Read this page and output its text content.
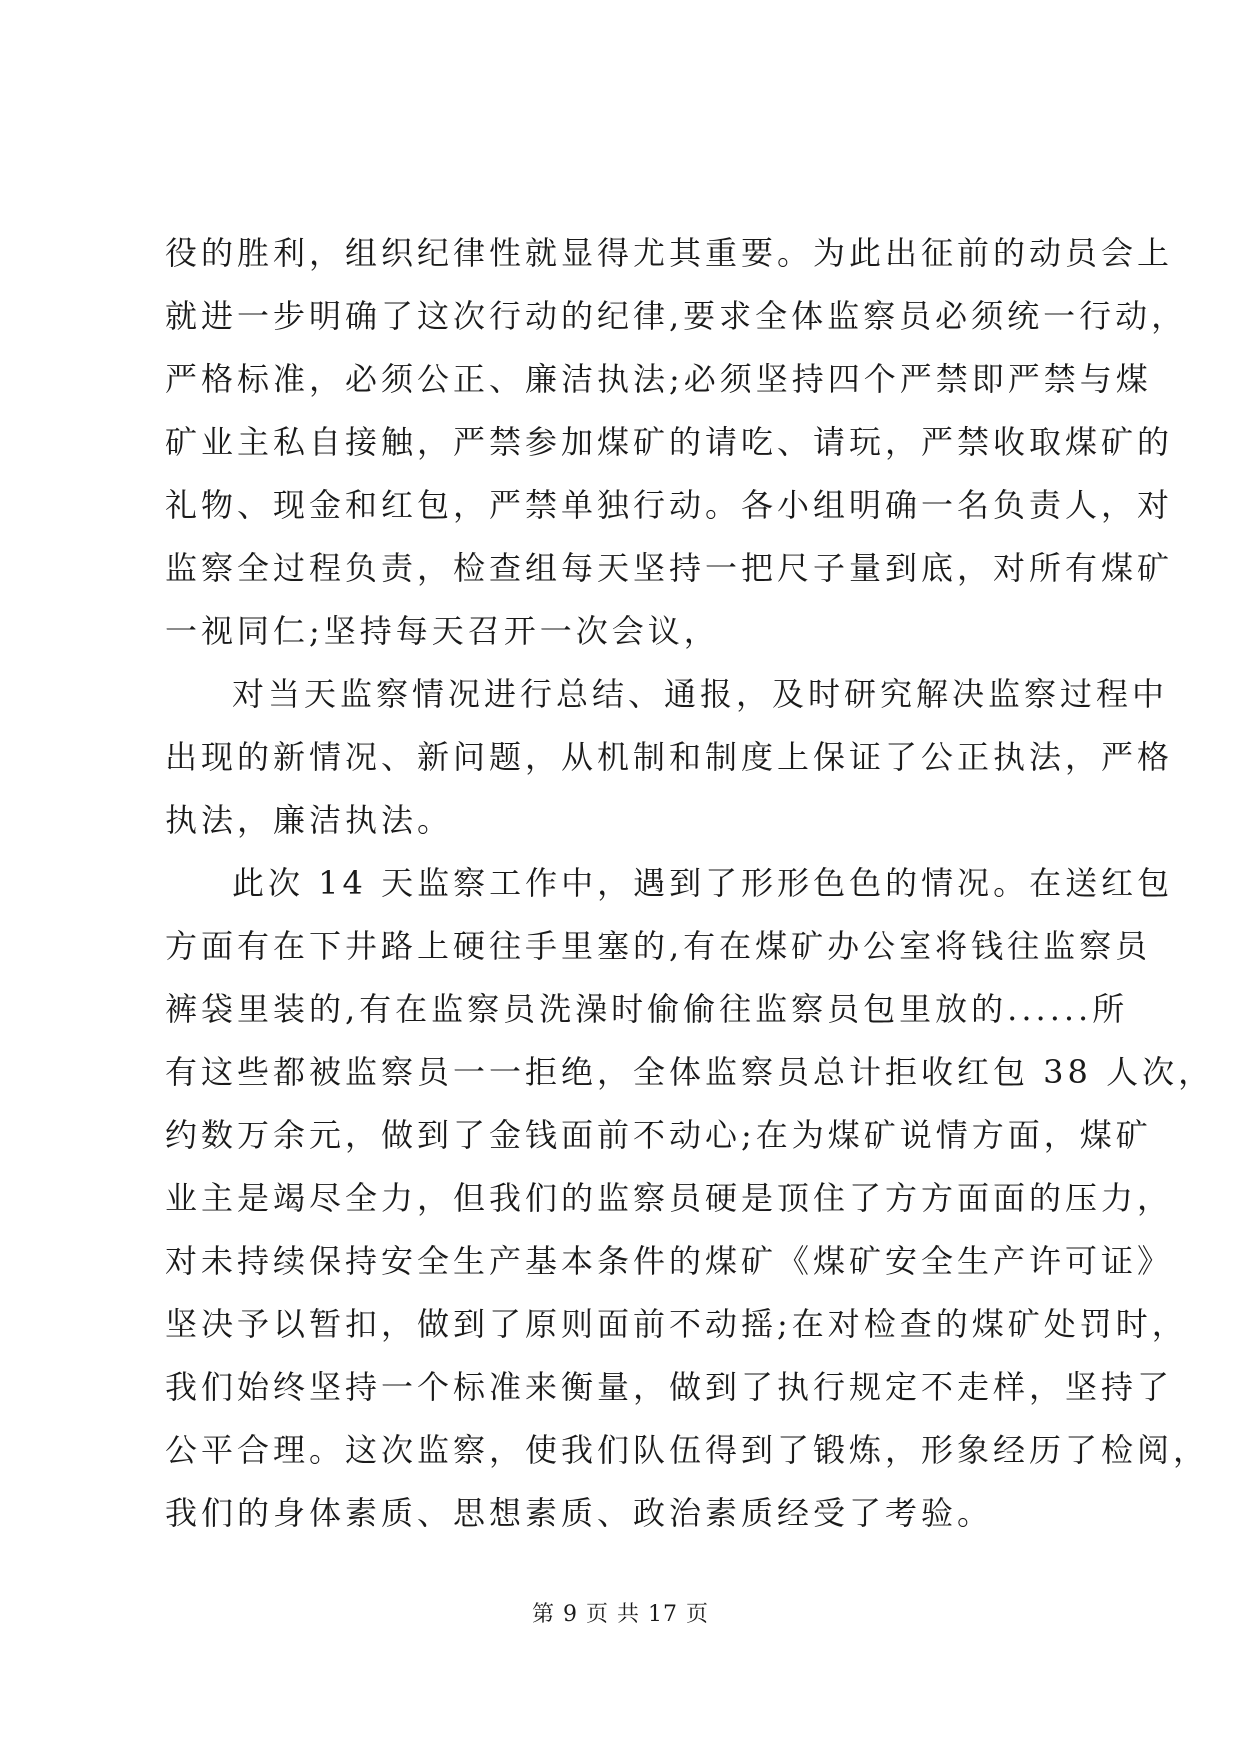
役的胜利，组织纪律性就显得尤其重要。为此出征前的动员会上
就进一步明确了这次行动的纪律,要求全体监察员必须统一行动，
严格标准，必须公正、廉洁执法;必须坚持四个严禁即严禁与煤
矿业主私自接触，严禁参加煤矿的请吃、请玩，严禁收取煤矿的
礼物、现金和红包，严禁单独行动。各小组明确一名负责人，对
监察全过程负责，检查组每天坚持一把尺子量到底，对所有煤矿
一视同仁;坚持每天召开一次会议，
对当天监察情况进行总结、通报，及时研究解决监察过程中
出现的新情况、新问题，从机制和制度上保证了公正执法，严格
执法，廉洁执法。
此次 14 天监察工作中，遇到了形形色色的情况。在送红包
方面有在下井路上硬往手里塞的,有在煤矿办公室将钱往监察员
裤袋里装的,有在监察员洗澡时偷偷往监察员包里放的......所
有这些都被监察员一一拒绝，全体监察员总计拒收红包 38 人次，
约数万余元，做到了金钱面前不动心;在为煤矿说情方面，煤矿
业主是竭尽全力，但我们的监察员硬是顶住了方方面面的压力，
对未持续保持安全生产基本条件的煤矿《煤矿安全生产许可证》
坚决予以暂扣，做到了原则面前不动摇;在对检查的煤矿处罚时，
我们始终坚持一个标准来衡量，做到了执行规定不走样，坚持了
公平合理。这次监察，使我们队伍得到了锻炼，形象经历了检阅，
我们的身体素质、思想素质、政治素质经受了考验。
第 9 页 共 17 页
